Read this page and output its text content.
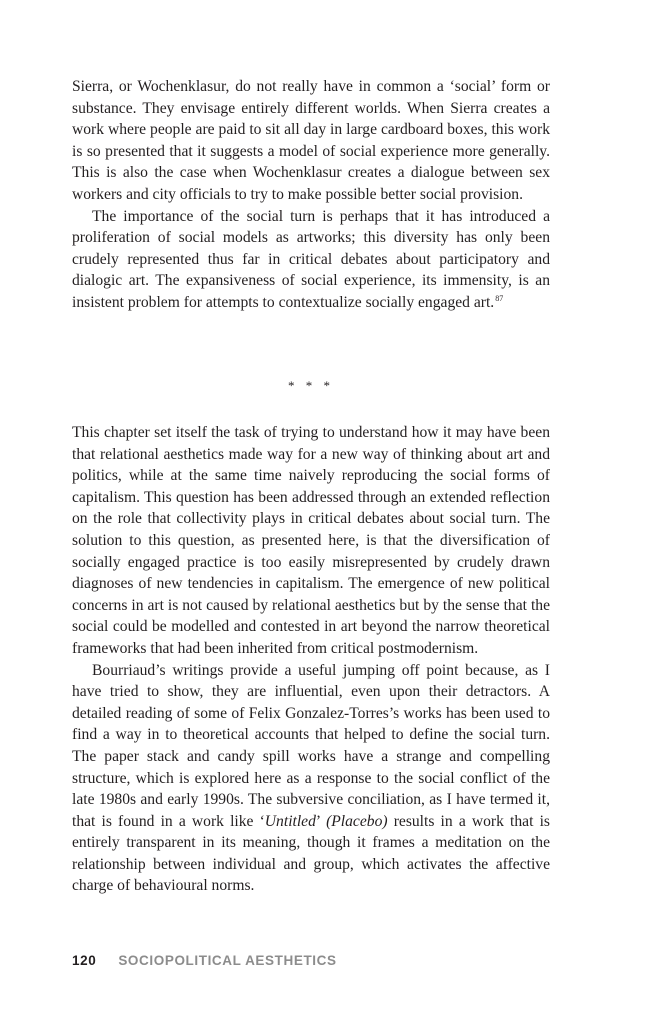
Sierra, or Wochenklasur, do not really have in common a ‘social’ form or substance. They envisage entirely different worlds. When Sierra creates a work where people are paid to sit all day in large cardboard boxes, this work is so presented that it suggests a model of social experience more generally. This is also the case when Wochenklasur creates a dialogue between sex workers and city officials to try to make possible better social provision.

The importance of the social turn is perhaps that it has introduced a proliferation of social models as artworks; this diversity has only been crudely represented thus far in critical debates about participatory and dialogic art. The expansiveness of social experience, its immensity, is an insistent problem for attempts to contextualize socially engaged art.$^{87}$

* * *

This chapter set itself the task of trying to understand how it may have been that relational aesthetics made way for a new way of thinking about art and politics, while at the same time naively reproducing the social forms of capitalism. This question has been addressed through an extended reflection on the role that collectivity plays in critical debates about social turn. The solution to this question, as presented here, is that the diversification of socially engaged practice is too easily misrepresented by crudely drawn diagnoses of new tendencies in capitalism. The emergence of new political concerns in art is not caused by relational aesthetics but by the sense that the social could be modelled and contested in art beyond the narrow theoretical frameworks that had been inherited from critical postmodernism.

Bourriaud’s writings provide a useful jumping off point because, as I have tried to show, they are influential, even upon their detractors. A detailed reading of some of Felix Gonzalez-Torres’s works has been used to find a way in to theoretical accounts that helped to define the social turn. The paper stack and candy spill works have a strange and compelling structure, which is explored here as a response to the social conflict of the late 1980s and early 1990s. The subversive conciliation, as I have termed it, that is found in a work like ‘Untitled’ (Placebo) results in a work that is entirely transparent in its meaning, though it frames a meditation on the relationship between individual and group, which activates the affective charge of behavioural norms.

120 SOCIOPOLITICAL AESTHETICS
